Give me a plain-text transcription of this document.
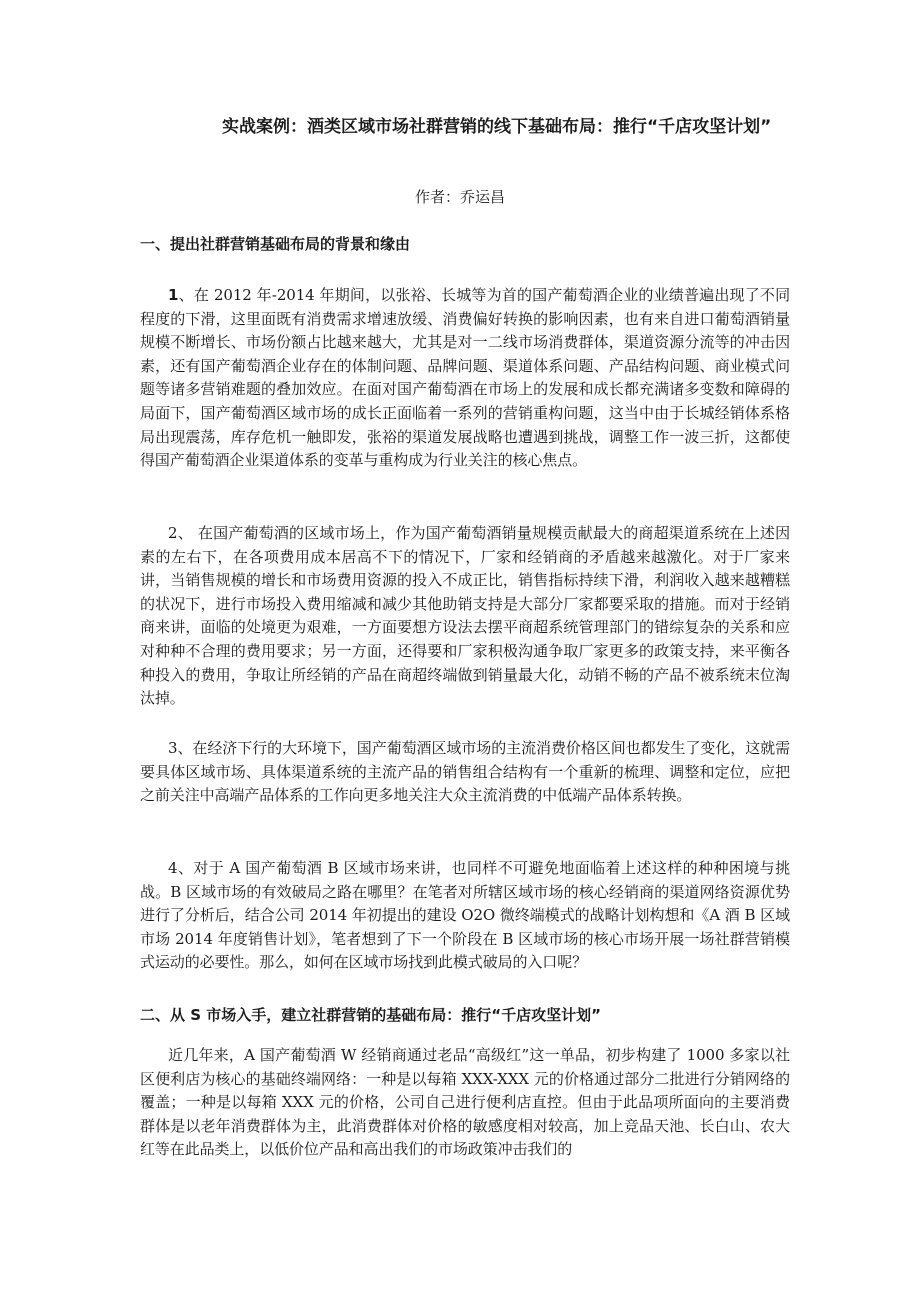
实战案例：酒类区域市场社群营销的线下基础布局：推行“千店攻坚计划”

作者：乔运昌

一、提出社群营销基础布局的背景和缘由

1、在 2012 年-2014 年期间，以张裕、长城等为首的国产葡萄酒企业的业绩普遍出现了不同程度的下滑，这里面既有消费需求增速放缓、消费偏好转换的影响因素，也有来自进口葡萄酒销量规模不断增长、市场份额占比越来越大，尤其是对一二线市场消费群体，渠道资源分流等的冲击因素，还有国产葡萄酒企业存在的体制问题、品牌问题、渠道体系问题、产品结构问题、商业模式问题等诸多营销难题的叠加效应。在面对国产葡萄酒在市场上的发展和成长都充满诸多变数和障碍的局面下，国产葡萄酒区域市场的成长正面临着一系列的营销重构问题，这当中由于长城经销体系格局出现震荡，库存危机一触即发，张裕的渠道发展战略也遭遇到挑战，调整工作一波三折，这都使得国产葡萄酒企业渠道体系的变革与重构成为行业关注的核心焦点。

2、 在国产葡萄酒的区域市场上，作为国产葡萄酒销量规模贡献最大的商超渠道系统在上述因素的左右下，在各项费用成本居高不下的情况下，厂家和经销商的矛盾越来越激化。对于厂家来讲，当销售规模的增长和市场费用资源的投入不成正比，销售指标持续下滑，利润收入越来越糟糕的状况下，进行市场投入费用缩减和减少其他助销支持是大部分厂家都要采取的措施。而对于经销商来讲，面临的处境更为艰难，一方面要想方设法去摆平商超系统管理部门的错综复杂的关系和应对种种不合理的费用要求；另一方面，还得要和厂家积极沟通争取厂家更多的政策支持，来平衡各种投入的费用，争取让所经销的产品在商超终端做到销量最大化，动销不畅的产品不被系统末位淘汰掉。

3、在经济下行的大环境下，国产葡萄酒区域市场的主流消费价格区间也都发生了变化，这就需要具体区域市场、具体渠道系统的主流产品的销售组合结构有一个重新的梳理、调整和定位，应把之前关注中高端产品体系的工作向更多地关注大众主流消费的中低端产品体系转换。

4、对于 A 国产葡萄酒 B 区域市场来讲，也同样不可避免地面临着上述这样的种种困境与挑战。B 区域市场的有效破局之路在哪里？在笔者对所辖区域市场的核心经销商的渠道网络资源优势进行了分析后，结合公司 2014 年初提出的建设 O2O 微终端模式的战略计划构想和《A 酒 B 区域市场 2014 年度销售计划》，笔者想到了下一个阶段在 B 区域市场的核心市场开展一场社群营销模式运动的必要性。那么，如何在区域市场找到此模式破局的入口呢？

二、从 S 市场入手，建立社群营销的基础布局：推行“千店攻坚计划”

近几年来，A 国产葡萄酒 W 经销商通过老品“高级红”这一单品，初步构建了 1000 多家以社区便利店为核心的基础终端网络：一种是以每箱 XXX-XXX 元的价格通过部分二批进行分销网络的覆盖；一种是以每箱 XXX 元的价格，公司自己进行便利店直控。但由于此品项所面向的主要消费群体是以老年消费群体为主，此消费群体对价格的敏感度相对较高，加上竞品天池、长白山、农大红等在此品类上，以低价位产品和高出我们的市场政策冲击我们的
